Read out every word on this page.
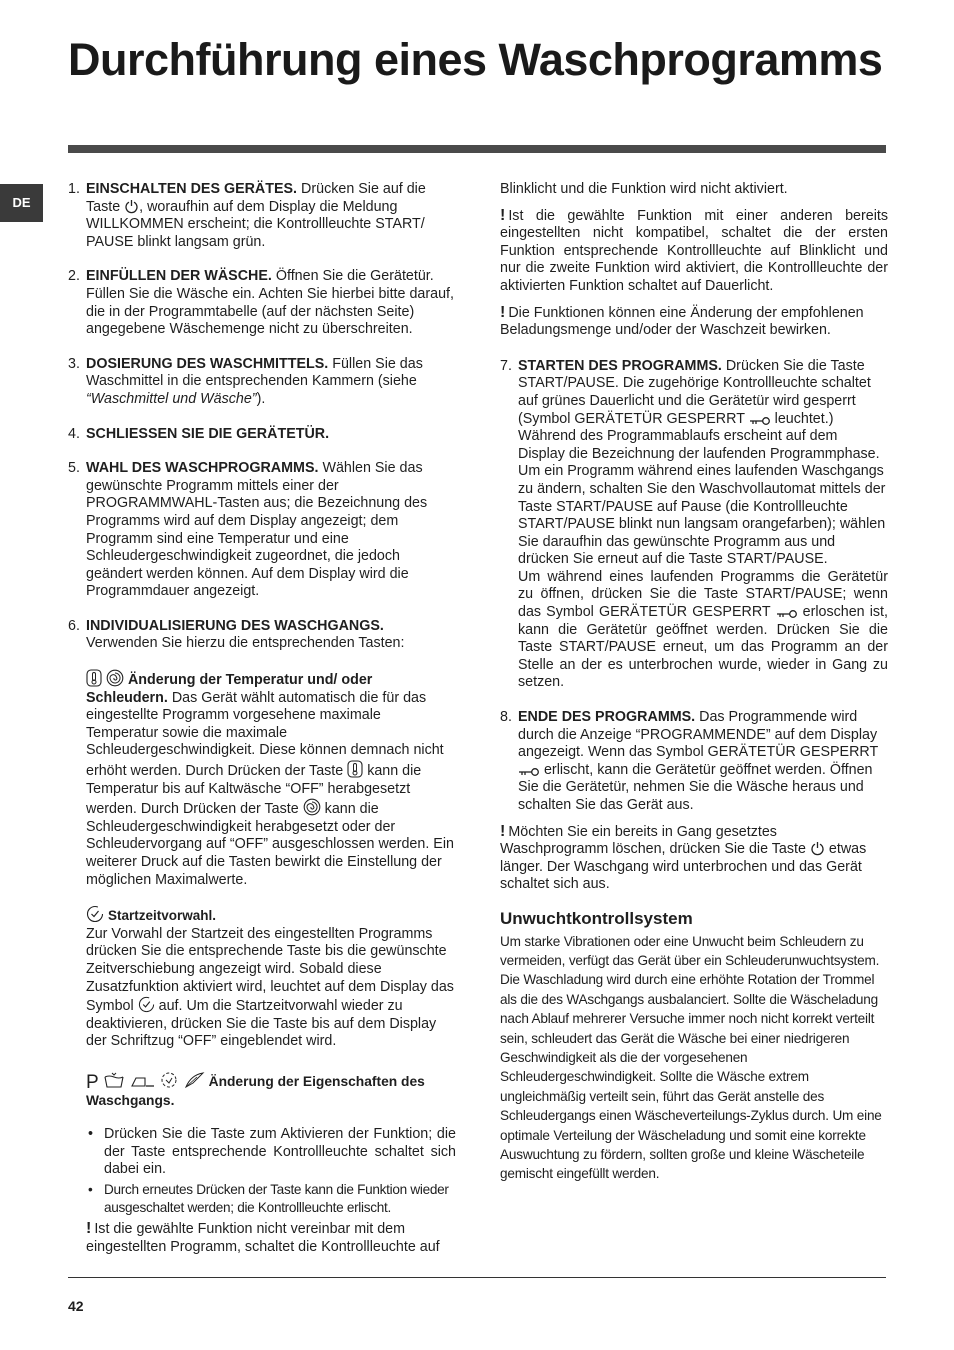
Durchführung eines Waschprogramms
DE
1. EINSCHALTEN DES GERÄTES. Drücken Sie auf die Taste , woraufhin auf dem Display die Meldung WILLKOMMEN erscheint; die Kontrollleuchte START/ PAUSE blinkt langsam grün.
2. EINFÜLLEN DER WÄSCHE. Öffnen Sie die Gerätetür. Füllen Sie die Wäsche ein. Achten Sie hierbei bitte darauf, die in der Programmtabelle (auf der nächsten Seite) angegebene Wäschemenge nicht zu überschreiten.
3. DOSIERUNG DES WASCHMITTELS. Füllen Sie das Waschmittel in die entsprechenden Kammern (siehe “Waschmittel und Wäsche”).
4. SCHLIESSEN SIE DIE GERÄTETÜR.
5. WAHL DES WASCHPROGRAMMS. Wählen Sie das gewünschte Programm mittels einer der PROGRAMMWAHL-Tasten aus; die Bezeichnung des Programms wird auf dem Display angezeigt; dem Programm sind eine Temperatur und eine Schleudergeschwindigkeit zugeordnet, die jedoch geändert werden können. Auf dem Display wird die Programmdauer angezeigt.
6. INDIVIDUALISIERUNG DES WASCHGANGS.
Verwenden Sie hierzu die entsprechenden Tasten:

Änderung der Temperatur und/ oder Schleudern. Das Gerät wählt automatisch die für das eingestellte Programm vorgesehene maximale Temperatur sowie die maximale Schleudergeschwindigkeit. Diese können demnach nicht erhöht werden. Durch Drücken der Taste kann die Temperatur bis auf Kaltwäsche “OFF” herabgesetzt werden. Durch Drücken der Taste kann die Schleudergeschwindigkeit herabgesetzt oder der Schleudervorgang auf “OFF” ausgeschlossen werden. Ein weiterer Druck auf die Tasten bewirkt die Einstellung der möglichen Maximalwerte.
Startzeitvorwahl.
Zur Vorwahl der Startzeit des eingestellten Programms drücken Sie die entsprechende Taste bis die gewünschte Zeitverschiebung angezeigt wird. Sobald diese Zusatzfunktion aktiviert wird, leuchtet auf dem Display das Symbol auf. Um die Startzeitvorwahl wieder zu deaktivieren, drücken Sie die Taste bis auf dem Display der Schriftzug “OFF” eingeblendet wird.
P

	Änderung der Eigenschaften des Waschgangs.
• Drücken Sie die Taste zum Aktivieren der Funktion; die der Taste entsprechende Kontrollleuchte schaltet sich dabei ein.
• Durch erneutes Drücken der Taste kann die Funktion wieder ausgeschaltet werden; die Kontrollleuchte erlischt.

! Ist die gewählte Funktion nicht vereinbar mit dem eingestellten Programm, schaltet die Kontrollleuchte auf

Blinklicht und die Funktion wird nicht aktiviert.

! Ist die gewählte Funktion mit einer anderen bereits eingestellten nicht kompatibel, schaltet die der ersten Funktion entsprechende Kontrollleuchte auf Blinklicht und nur die zweite Funktion wird aktiviert, die Kontrollleuchte der aktivierten Funktion schaltet auf Dauerlicht.

! Die Funktionen können eine Änderung der empfohlenen Beladungsmenge und/oder der Waschzeit bewirken.

7. STARTEN DES PROGRAMMS. Drücken Sie die Taste START/PAUSE. Die zugehörige Kontrollleuchte schaltet auf grünes Dauerlicht und die Gerätetür wird gesperrt (Symbol GERÄTETÜR GESPERRT leuchtet.) Während des Programmablaufs erscheint auf dem Display die Bezeichnung der laufenden Programmphase. Um ein Programm während eines laufenden Waschgangs zu ändern, schalten Sie den Waschvollautomat mittels der Taste START/PAUSE auf Pause (die Kontrollleuchte START/PAUSE blinkt nun langsam orangefarben); wählen Sie daraufhin das gewünschte Programm aus und drücken Sie erneut auf die Taste START/PAUSE.
Um während eines laufenden Programms die Gerätetür zu öffnen, drücken Sie die Taste START/PAUSE; wenn das Symbol GERÄTETÜR GESPERRT erloschen ist, kann die Gerätetür geöffnet werden. Drücken Sie die Taste START/PAUSE erneut, um das Programm an der Stelle an der es unterbrochen wurde, wieder in Gang zu setzen.
8. ENDE DES PROGRAMMS. Das Programmende wird durch die Anzeige “PROGRAMMENDE” auf dem Display angezeigt. Wenn das Symbol GERÄTETÜR GESPERRT
erlischt, kann die Gerätetür geöffnet werden. Öffnen Sie die Gerätetür, nehmen Sie die Wäsche heraus und schalten Sie das Gerät aus.

! Möchten Sie ein bereits in Gang gesetztes Waschprogramm löschen, drücken Sie die Taste etwas länger. Der Waschgang wird unterbrochen und das Gerät schaltet sich aus.

Unwuchtkontrollsystem

Um starke Vibrationen oder eine Unwucht beim Schleudern zu vermeiden, verfügt das Gerät über ein Schleuderunwuchtsystem. Die Waschladung wird durch eine erhöhte Rotation der Trommel als die des WAschgangs ausbalanciert. Sollte die Wäscheladung nach Ablauf mehrerer Versuche immer noch nicht korrekt verteilt sein, schleudert das Gerät die Wäsche bei einer niedrigeren Geschwindigkeit als die der vorgesehenen Schleudergeschwindigkeit. Sollte die Wäsche extrem ungleichmäßig verteilt sein, führt das Gerät anstelle des Schleudergangs einen Wäscheverteilungs-Zyklus durch. Um eine optimale Verteilung der Wäscheladung und somit eine korrekte Auswuchtung zu fördern, sollten große und kleine Wäscheteile gemischt eingefüllt werden.

42
